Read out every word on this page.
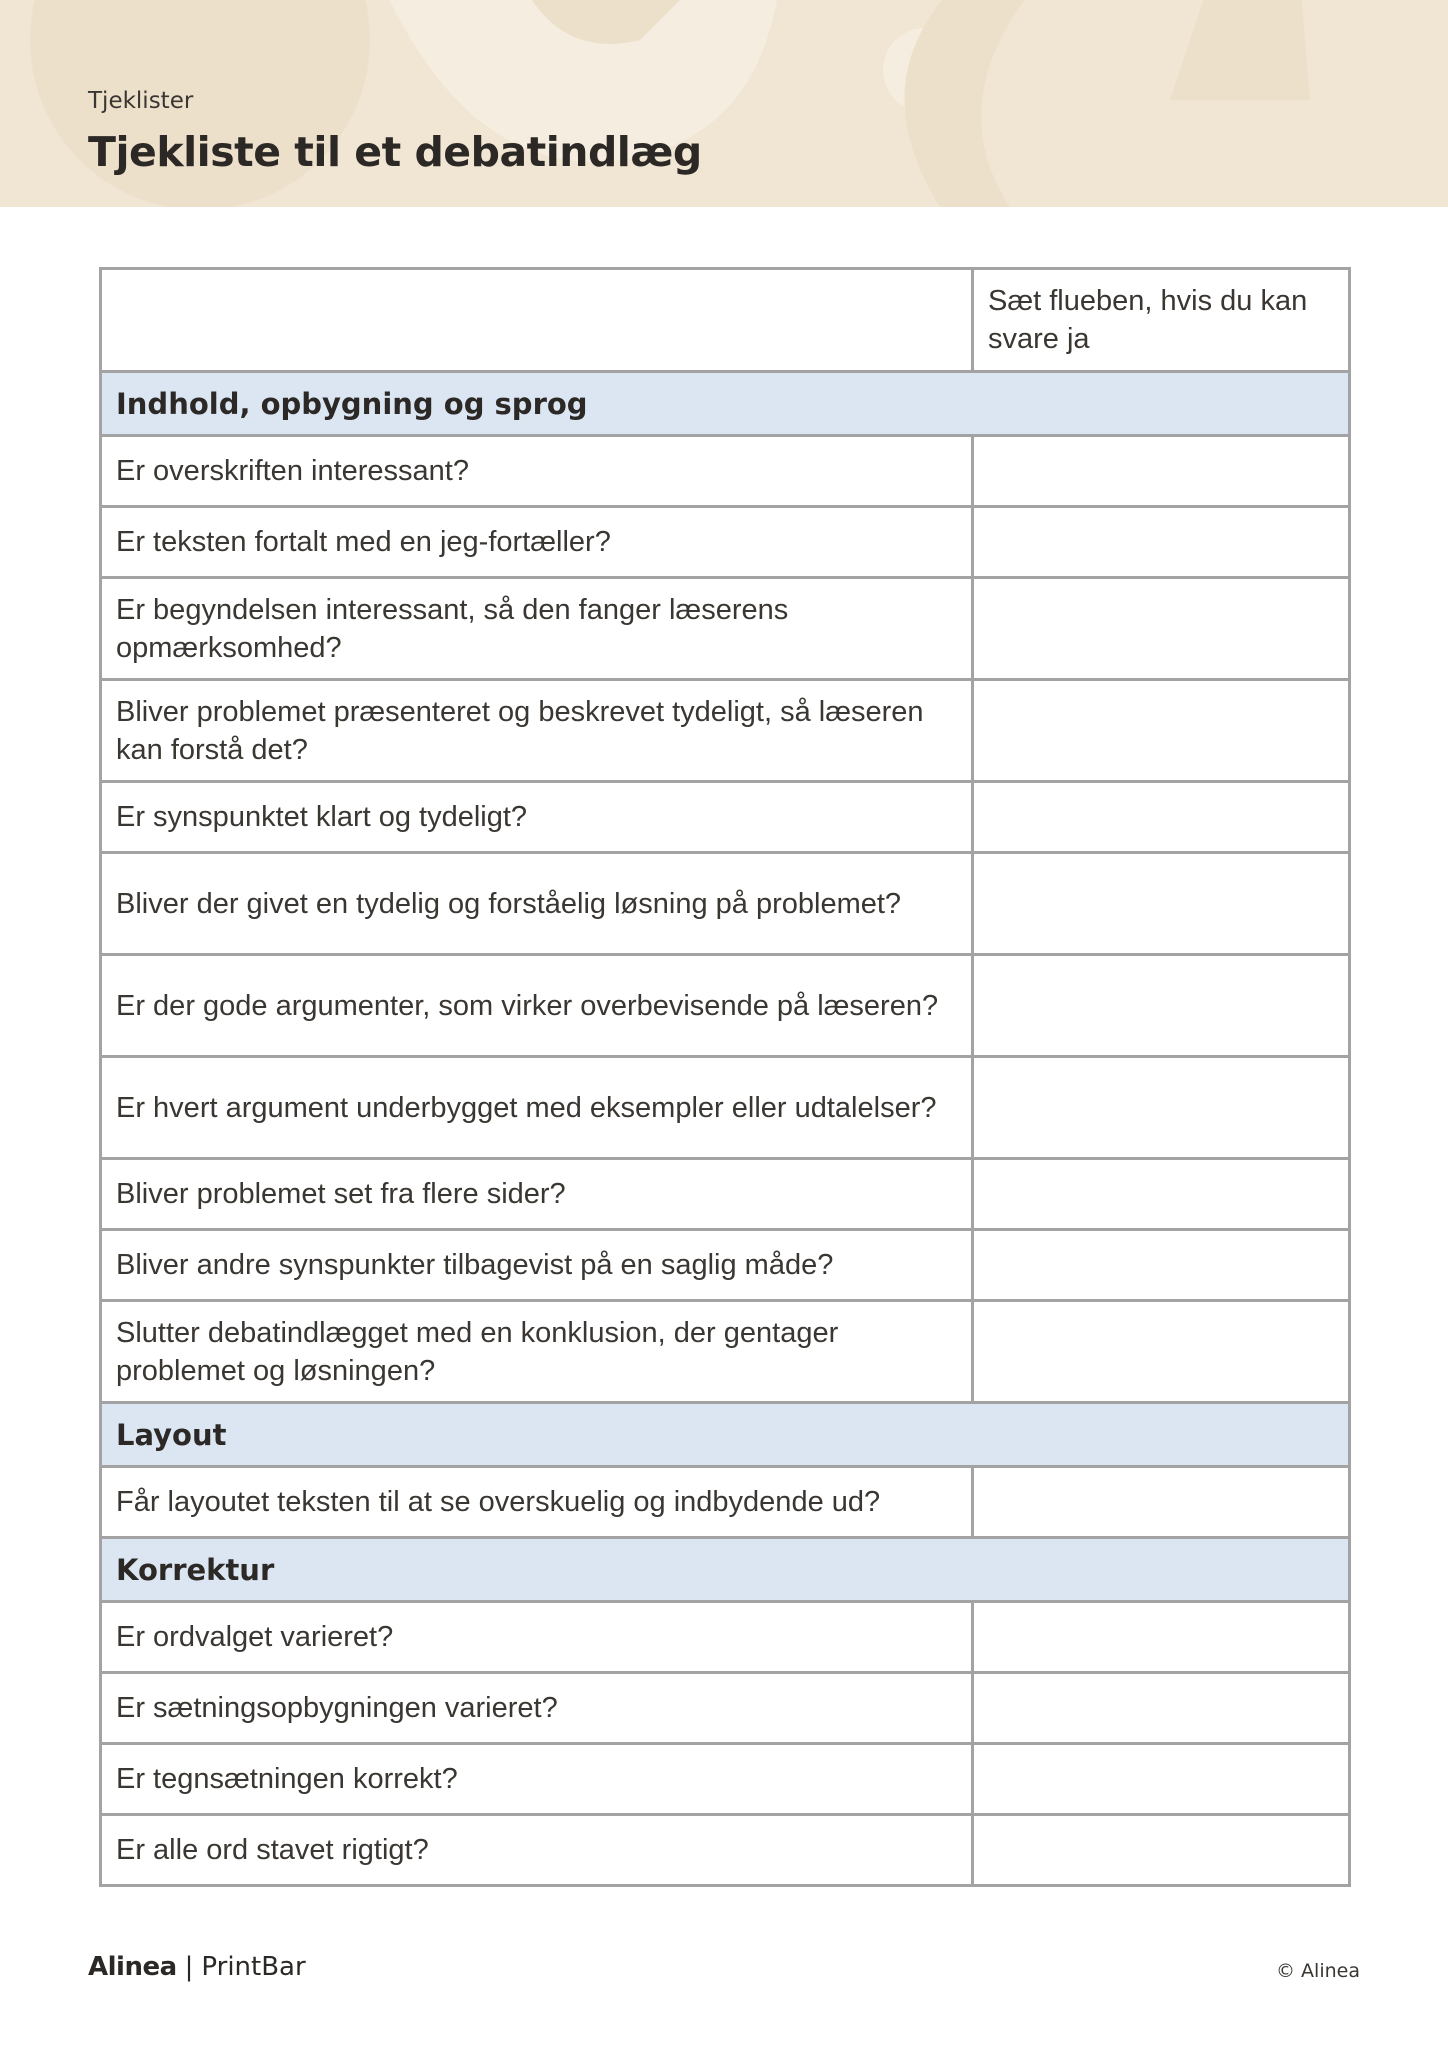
Tjeklister
Tjekliste til et debatindlæg
	Sæt flueben, hvis du kan svare ja
Indhold, opbygning og sprog	
Er overskriften interessant?	
Er teksten fortalt med en jeg-fortæller?	
Er begyndelsen interessant, så den fanger læserens opmærksomhed?	
Bliver problemet præsenteret og beskrevet tydeligt, så læseren kan forstå det?	
Er synspunktet klart og tydeligt?	
Bliver der givet en tydelig og forståelig løsning på problemet?	
Er der gode argumenter, som virker overbevisende på læseren?	
Er hvert argument underbygget med eksempler eller udtalelser?	
Bliver problemet set fra flere sider?	
Bliver andre synspunkter tilbagevist på en saglig måde?	
Slutter debatindlægget med en konklusion, der gentager problemet og løsningen?	
Layout	
Får layoutet teksten til at se overskuelig og indbydende ud?	
Korrektur	
Er ordvalget varieret?	
Er sætningsopbygningen varieret?	
Er tegnsætningen korrekt?	
Er alle ord stavet rigtigt?	
Alinea | PrintBar	© Alinea
